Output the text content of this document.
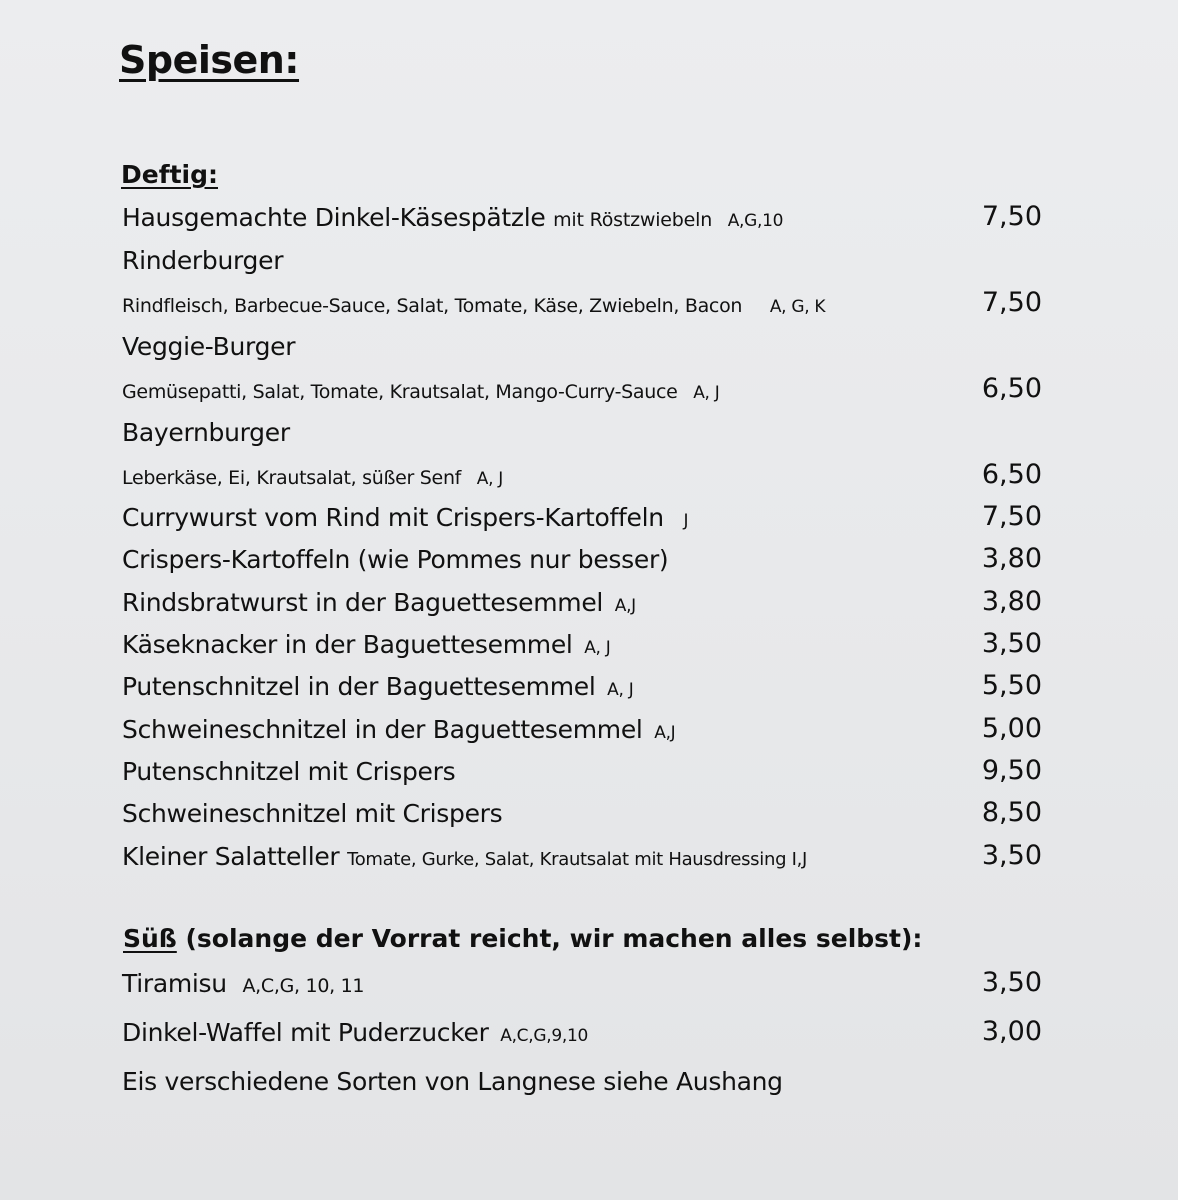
Speisen:
Deftig:
Hausgemachte Dinkel-Käsespätzle mit Röstzwiebeln A,G,10	7,50
Rinderburger
Rindfleisch, Barbecue-Sauce, Salat, Tomate, Käse, Zwiebeln, Bacon A, G, K	7,50
Veggie-Burger
Gemüsepatti, Salat, Tomate, Krautsalat, Mango-Curry-Sauce A, J	6,50
Bayernburger
Leberkäse, Ei, Krautsalat, süßer Senf A, J	6,50
Currywurst vom Rind mit Crispers-Kartoffeln J	7,50
Crispers-Kartoffeln (wie Pommes nur besser)	3,80
Rindsbratwurst in der Baguettesemmel A,J	3,80
Käseknacker in der Baguettesemmel A, J	3,50
Putenschnitzel in der Baguettesemmel A, J	5,50
Schweineschnitzel in der Baguettesemmel A,J	5,00
Putenschnitzel mit Crispers	9,50
Schweineschnitzel mit Crispers	8,50
Kleiner Salatteller Tomate, Gurke, Salat, Krautsalat mit Hausdressing I,J	3,50
Süß (solange der Vorrat reicht, wir machen alles selbst):
Tiramisu A,C,G, 10, 11	3,50
Dinkel-Waffel mit Puderzucker A,C,G,9,10	3,00
Eis verschiedene Sorten von Langnese siehe Aushang
